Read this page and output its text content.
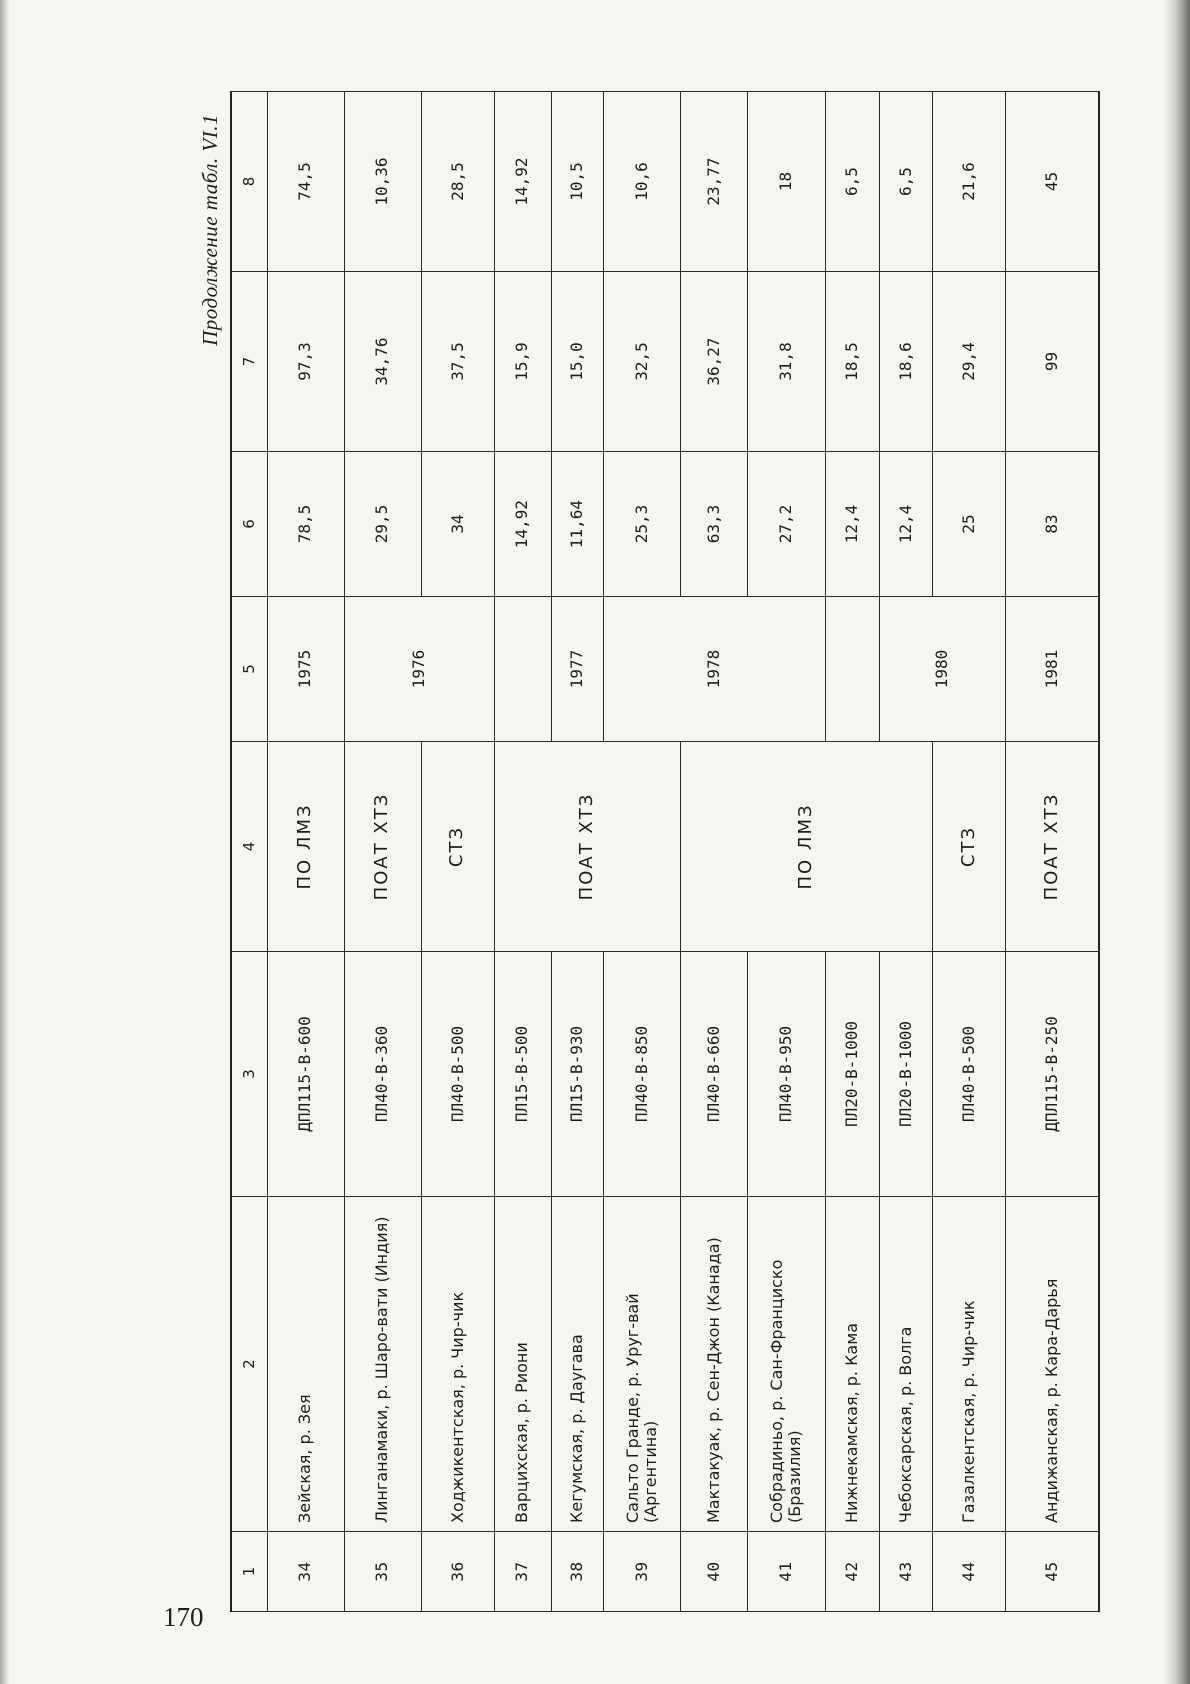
170
Продолжение табл. VI.1
1	2	3	4	5	6	7	8
34	Зейская, р. Зея	ДПЛ115-В-600	ПО ЛМЗ	1975	78,5	97,3	74,5
35	Линганамаки, р. Шаро-вати (Индия)	ПЛ40-В-360	ПОАТ ХТЗ	1976	29,5	34,76	10,36
36	Ходжикентская, р. Чир-чик	ПЛ40-В-500	СТЗ		34	37,5	28,5
37	Варцихская, р. Риони	ПЛ15-В-500	ПОАТ ХТЗ		14,92	15,9	14,92
38	Кегумская, р. Даугава	ПЛ15-В-930		1977	11,64	15,0	10,5
39	Сальто Гранде, р. Уруг-вай (Аргентина)	ПЛ40-В-850		1978	25,3	32,5	10,6
40	Мактакуак, р. Сен-Джон (Канада)	ПЛ40-В-660	ПО ЛМЗ		63,3	36,27	23,77
41	Собрадиньо, р. Сан-Франциско (Бразилия)	ПЛ40-В-950			27,2	31,8	18
42	Нижнекамская, р. Кама	ПЛ20-В-1000			12,4	18,5	6,5
43	Чебоксарская, р. Волга	ПЛ20-В-1000		1980	12,4	18,6	6,5
44	Газалкентская, р. Чир-чик	ПЛ40-В-500	СТЗ		25	29,4	21,6
45	Андижанская, р. Кара-Дарья	ДПЛ115-В-250	ПОАТ ХТЗ	1981	83	99	45
